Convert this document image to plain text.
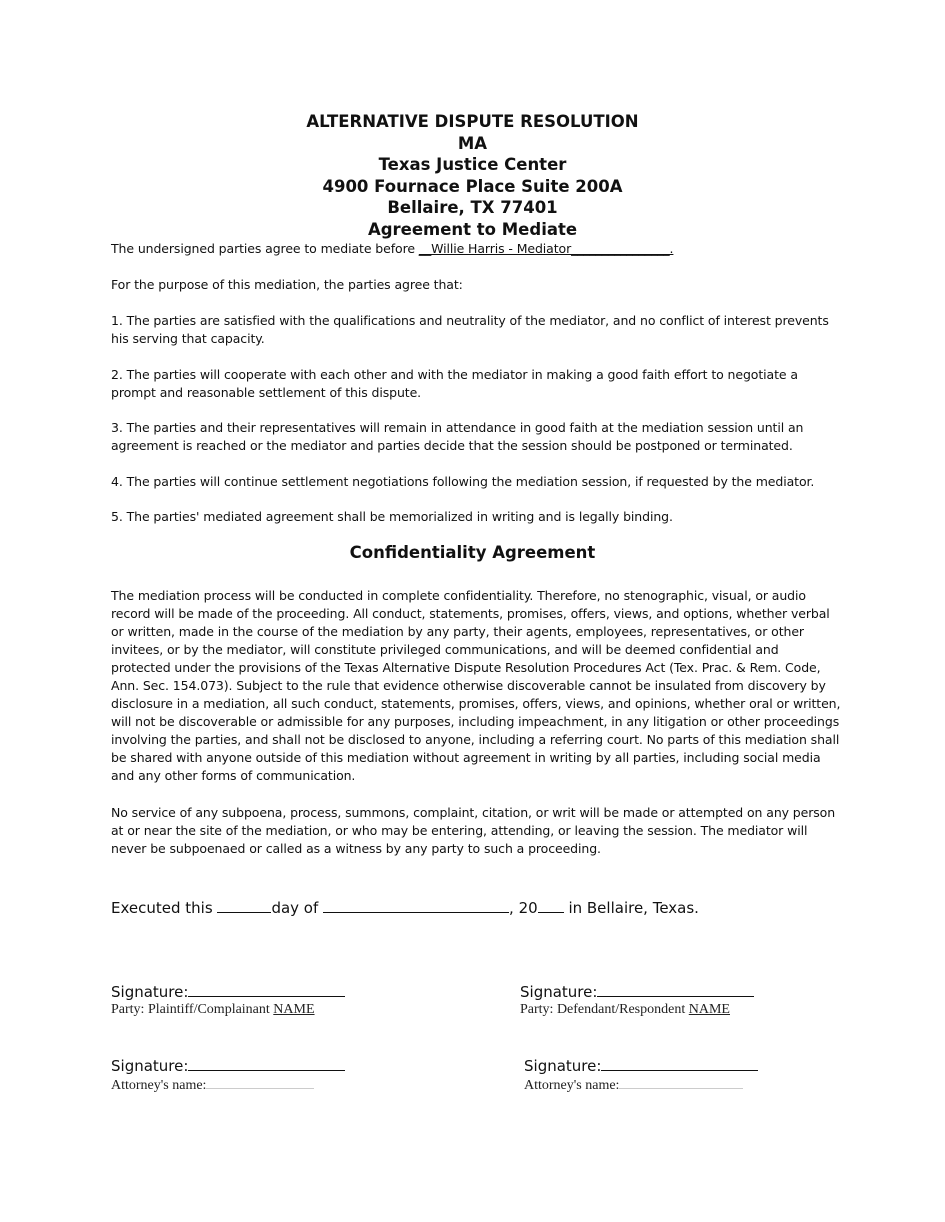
ALTERNATIVE DISPUTE RESOLUTION
MA
Texas Justice Center
4900 Fournace Place Suite 200A
Bellaire, TX 77401
Agreement to Mediate
The undersigned parties agree to mediate before __Willie Harris - Mediator________________.
For the purpose of this mediation, the parties agree that:
1. The parties are satisfied with the qualifications and neutrality of the mediator, and no conflict of interest prevents his serving that capacity.
2. The parties will cooperate with each other and with the mediator in making a good faith effort to negotiate a prompt and reasonable settlement of this dispute.
3. The parties and their representatives will remain in attendance in good faith at the mediation session until an agreement is reached or the mediator and parties decide that the session should be postponed or terminated.
4. The parties will continue settlement negotiations following the mediation session, if requested by the mediator.
5. The parties' mediated agreement shall be memorialized in writing and is legally binding.
Confidentiality Agreement
The mediation process will be conducted in complete confidentiality. Therefore, no stenographic, visual, or audio record will be made of the proceeding. All conduct, statements, promises, offers, views, and options, whether verbal or written, made in the course of the mediation by any party, their agents, employees, representatives, or other invitees, or by the mediator, will constitute privileged communications, and will be deemed confidential and protected under the provisions of the Texas Alternative Dispute Resolution Procedures Act (Tex. Prac. & Rem. Code, Ann. Sec. 154.073). Subject to the rule that evidence otherwise discoverable cannot be insulated from discovery by disclosure in a mediation, all such conduct, statements, promises, offers, views, and opinions, whether oral or written, will not be discoverable or admissible for any purposes, including impeachment, in any litigation or other proceedings involving the parties, and shall not be disclosed to anyone, including a referring court. No parts of this mediation shall be shared with anyone outside of this mediation without agreement in writing by all parties, including social media and any other forms of communication.
No service of any subpoena, process, summons, complaint, citation, or writ will be made or attempted on any person at or near the site of the mediation, or who may be entering, attending, or leaving the session. The mediator will never be subpoenaed or called as a witness by any party to such a proceeding.
Executed this	day of	, 20 in Bellaire, Texas.
Signature:
Party: Plaintiff/Complainant NAME
Signature:
Party: Defendant/Respondent NAME
Signature:
Attorney's name:
Signature:
Attorney's name:
